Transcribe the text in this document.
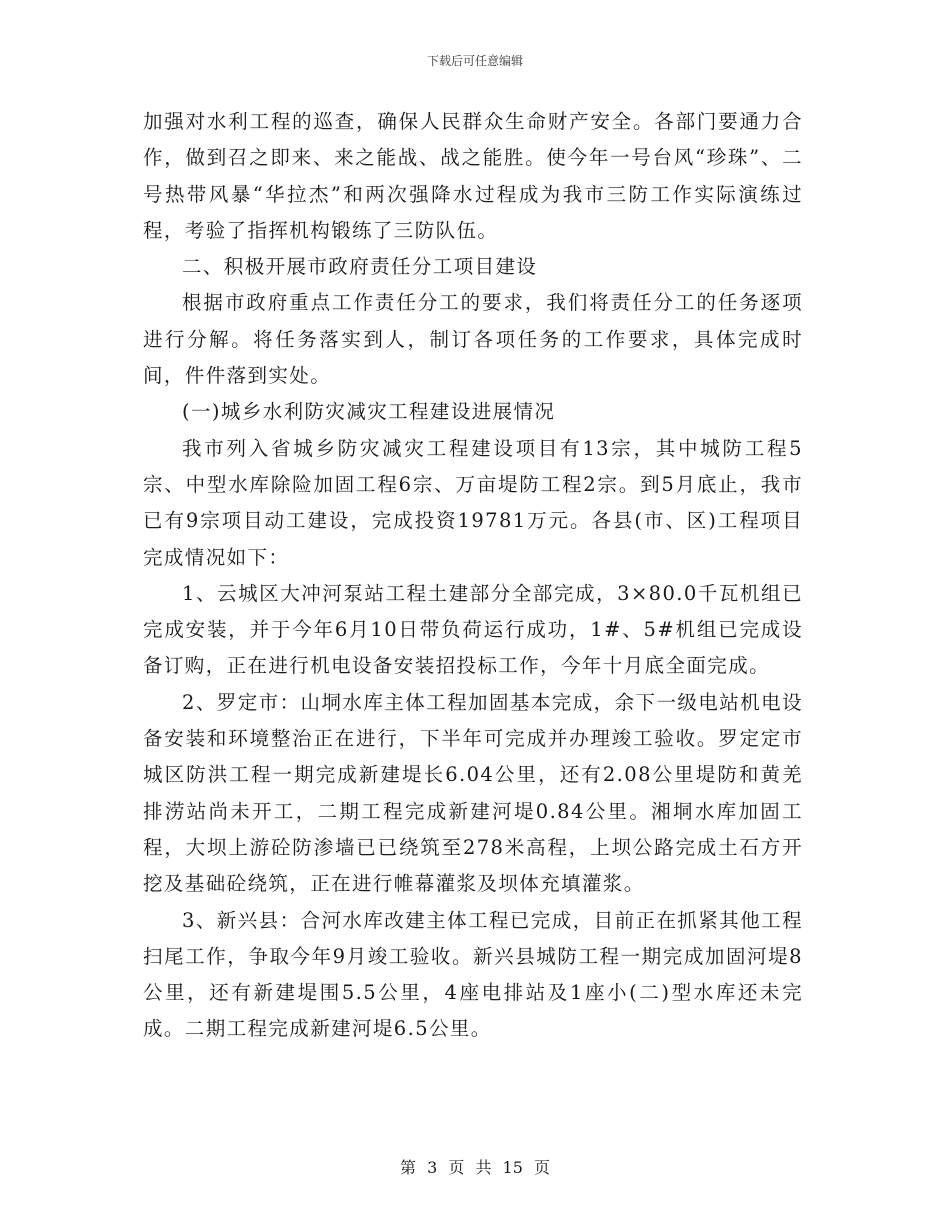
下载后可任意编辑

加强对水利工程的巡查，确保人民群众生命财产安全。各部门要通力合作，做到召之即来、来之能战、战之能胜。使今年一号台风“珍珠”、二号热带风暴“华拉杰”和两次强降水过程成为我市三防工作实际演练过程，考验了指挥机构锻练了三防队伍。

二、积极开展市政府责任分工项目建设

根据市政府重点工作责任分工的要求，我们将责任分工的任务逐项进行分解。将任务落实到人，制订各项任务的工作要求，具体完成时间，件件落到实处。

(一)城乡水利防灾减灾工程建设进展情况

我市列入省城乡防灾减灾工程建设项目有13宗，其中城防工程5宗、中型水库除险加固工程6宗、万亩堤防工程2宗。到5月底止，我市已有9宗项目动工建设，完成投资19781万元。各县(市、区)工程项目完成情况如下：

1、云城区大冲河泵站工程土建部分全部完成，3×80.0千瓦机组已完成安装，并于今年6月10日带负荷运行成功，1#、5#机组已完成设备订购，正在进行机电设备安装招投标工作，今年十月底全面完成。

2、罗定市：山垌水库主体工程加固基本完成，余下一级电站机电设备安装和环境整治正在进行，下半年可完成并办理竣工验收。罗定定市城区防洪工程一期完成新建堤长6.04公里，还有2.08公里堤防和黄羌排涝站尚未开工，二期工程完成新建河堤0.84公里。湘垌水库加固工程，大坝上游砼防渗墙已已绕筑至278米高程，上坝公路完成土石方开挖及基础砼绕筑，正在进行帷幕灌浆及坝体充填灌浆。

3、新兴县：合河水库改建主体工程已完成，目前正在抓紧其他工程扫尾工作，争取今年9月竣工验收。新兴县城防工程一期完成加固河堤8公里，还有新建堤围5.5公里，4座电排站及1座小(二)型水库还未完成。二期工程完成新建河堤6.5公里。

第 3 页 共 15 页
